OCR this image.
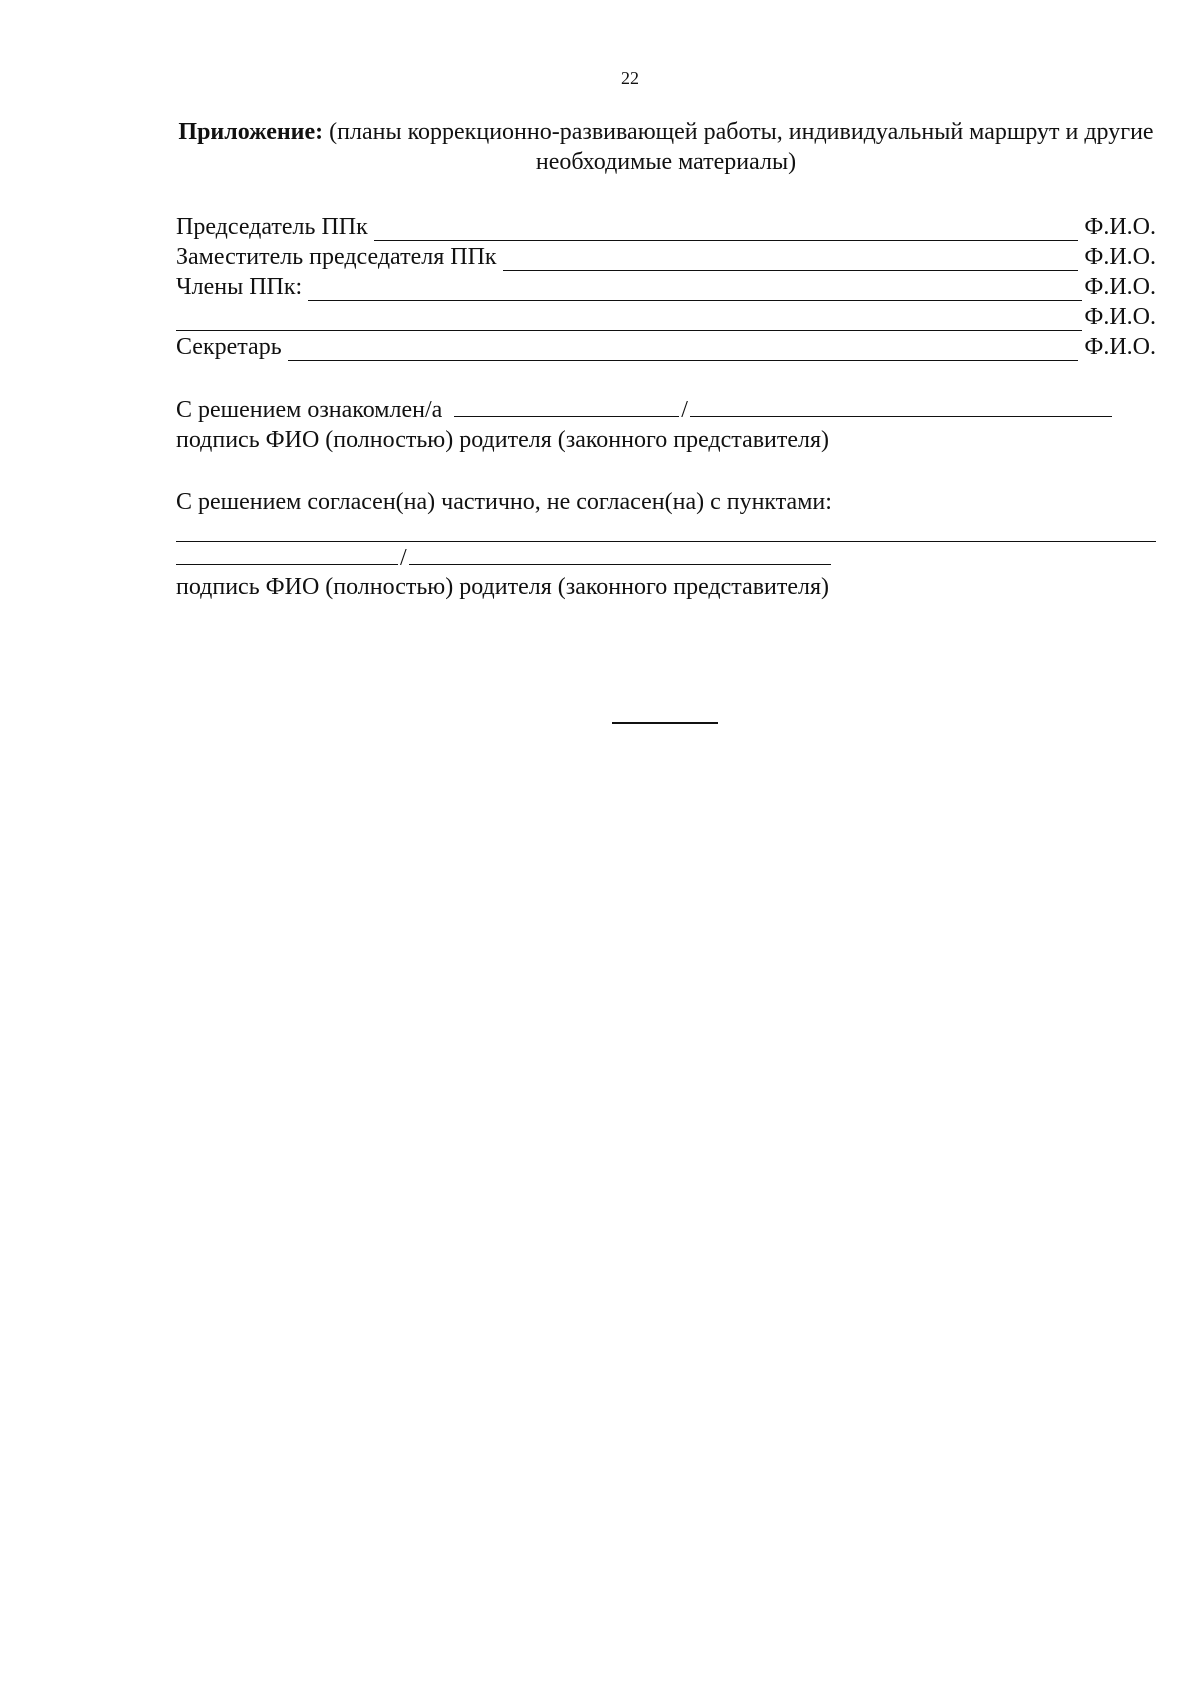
22
Приложение: (планы коррекционно-развивающей работы, индивидуальный маршрут и другие необходимые материалы)
Председатель ППк	Ф.И.О.
Заместитель председателя ППк	Ф.И.О.
Члены ППк:	Ф.И.О.
Ф.И.О.
Секретарь	Ф.И.О.
С решением ознакомлен/а	/
подпись ФИО (полностью) родителя (законного представителя)
С решением согласен(на) частично, не согласен(на) с пунктами:
/
подпись ФИО (полностью) родителя (законного представителя)
